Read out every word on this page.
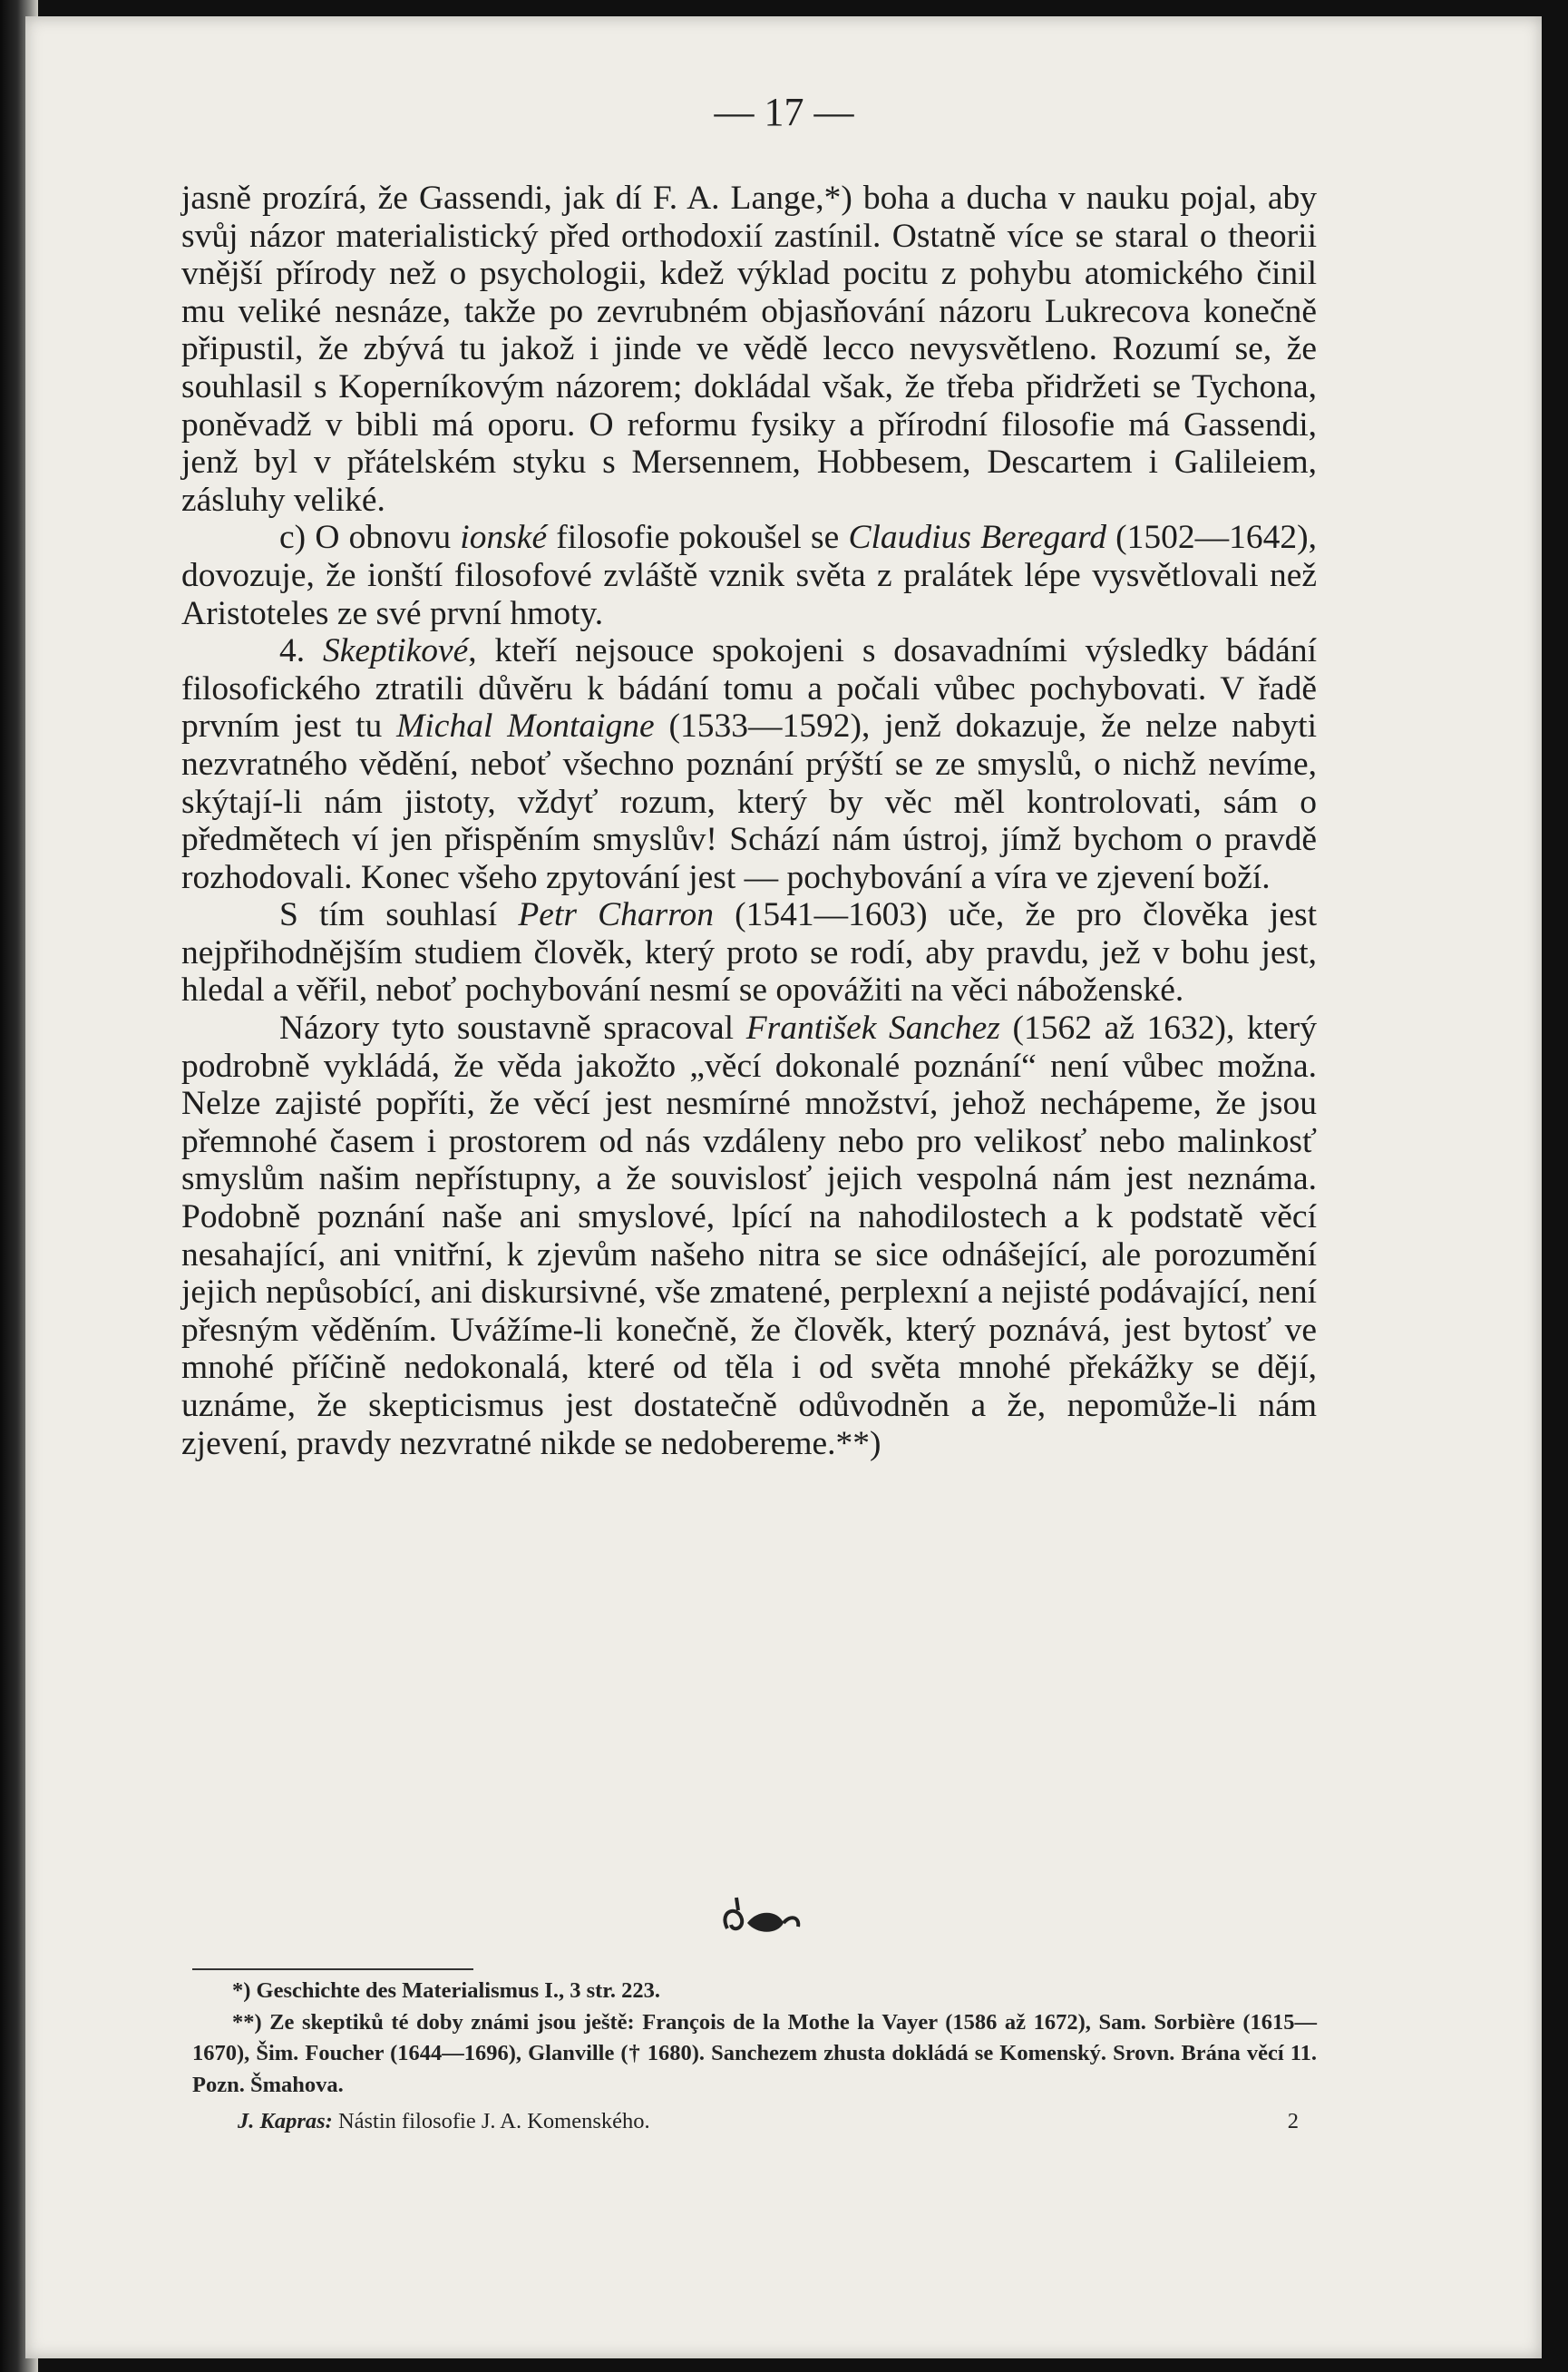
— 17 —

jasně prozírá, že Gassendi, jak dí F. A. Lange,*) boha a ducha v nauku pojal, aby svůj názor materialistický před orthodoxií zastínil. Ostatně více se staral o theorii vnější přírody než o psychologii, kdež výklad pocitu z pohybu atomického činil mu veliké nesnáze, takže po zevrubném objasňování názoru Lukrecova konečně připustil, že zbývá tu jakož i jinde ve vědě lecco nevysvětleno. Rozumí se, že souhlasil s Koperníkovým názorem; dokládal však, že třeba přidržeti se Tychona, poněvadž v bibli má oporu. O reformu fysiky a přírodní filosofie má Gassendi, jenž byl v přátelském styku s Mersennem, Hobbesem, Descartem i Galileiem, zásluhy veliké.

c) O obnovu ionské filosofie pokoušel se Claudius Beregard (1502—1642), dovozuje, že ionští filosofové zvláště vznik světa z pralátek lépe vysvětlovali než Aristoteles ze své první hmoty.

4. Skeptikové, kteří nejsouce spokojeni s dosavadními výsledky bádání filosofického ztratili důvěru k bádání tomu a počali vůbec pochybovati. V řadě prvním jest tu Michal Montaigne (1533—1592), jenž dokazuje, že nelze nabyti nezvratného vědění, neboť všechno poznání prýští se ze smyslů, o nichž nevíme, skýtají-li nám jistoty, vždyť rozum, který by věc měl kontrolovati, sám o předmětech ví jen přispěním smyslův! Schází nám ústroj, jímž bychom o pravdě rozhodovali. Konec všeho zpytování jest — pochybování a víra ve zjevení boží.

S tím souhlasí Petr Charron (1541—1603) uče, že pro člověka jest nejpřihodnějším studiem člověk, který proto se rodí, aby pravdu, jež v bohu jest, hledal a věřil, neboť pochybování nesmí se opovážiti na věci náboženské.

Názory tyto soustavně spracoval František Sanchez (1562 až 1632), který podrobně vykládá, že věda jakožto „věcí dokonalé poznání“ není vůbec možna. Nelze zajisté popříti, že věcí jest nesmírné množství, jehož nechápeme, že jsou přemnohé časem i prostorem od nás vzdáleny nebo pro velikosť nebo malinkosť smyslům našim nepřístupny, a že souvislosť jejich vespolná nám jest neznáma. Podobně poznání naše ani smyslové, lpící na nahodilostech a k podstatě věcí nesahající, ani vnitřní, k zjevům našeho nitra se sice odnášející, ale porozumění jejich nepůsobící, ani diskursivné, vše zmatené, perplexní a nejisté podávající, není přesným věděním. Uvážíme-li konečně, že člověk, který poznává, jest bytosť ve mnohé příčině nedokonalá, které od těla i od světa mnohé překážky se dějí, uznáme, že skepticismus jest dostatečně odůvodněn a že, nepomůže-li nám zjevení, pravdy nezvratné nikde se nedobereme.**)

*) Geschichte des Materialismus I., 3 str. 223.

**) Ze skeptiků té doby známi jsou ještě: François de la Mothe la Vayer (1586 až 1672), Sam. Sorbière (1615—1670), Šim. Foucher (1644—1696), Glanville († 1680). Sanchezem zhusta dokládá se Komenský. Srovn. Brána věcí 11. Pozn. Šmahova.

J. Kapras: Nástin filosofie J. A. Komenského.	2
